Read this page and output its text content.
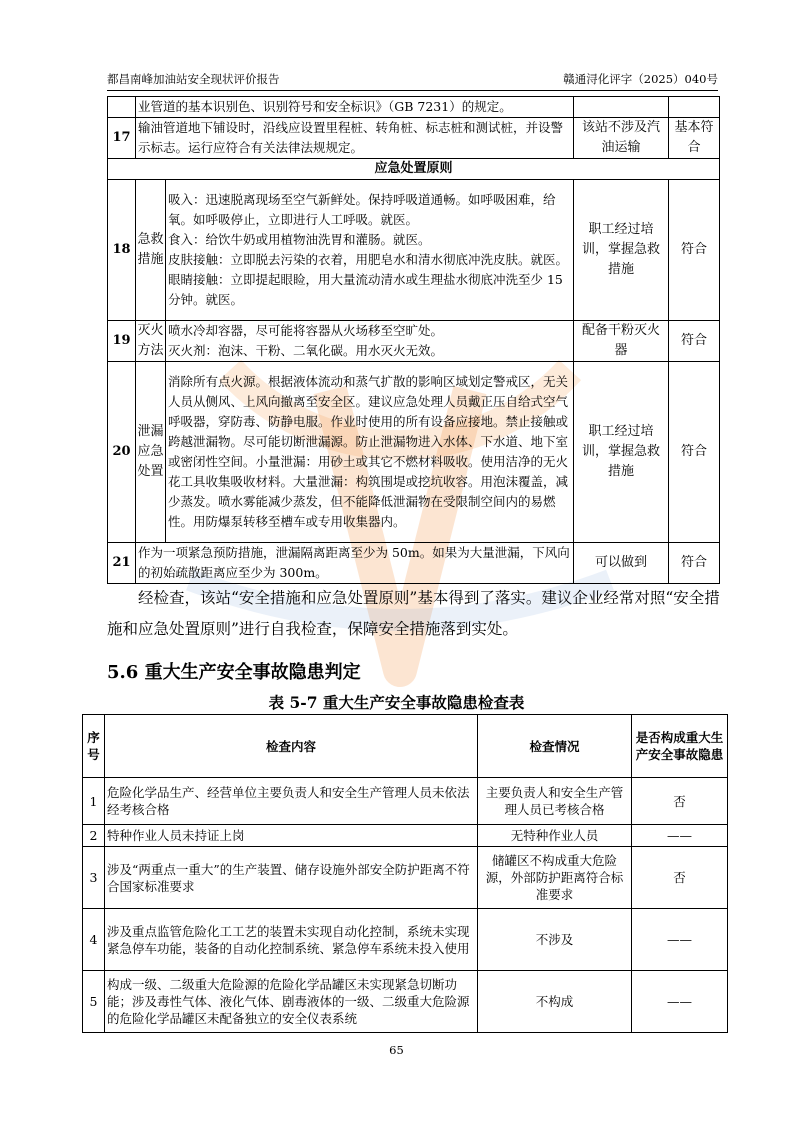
都昌南峰加油站安全现状评价报告	赣通浔化评字（2025）040号
	业管道的基本识别色、识别符号和安全标识》（GB 7231）的规定。			
17	输油管道地下铺设时，沿线应设置里程桩、转角桩、标志桩和测试桩，并设警示标志。运行应符合有关法律法规规定。		该站不涉及汽油运输	基本符合
应急处置原则				
18	急救措施	吸入：迅速脱离现场至空气新鲜处。保持呼吸道通畅。如呼吸困难，给氧。如呼吸停止，立即进行人工呼吸。就医。
食入：给饮牛奶或用植物油洗胃和灌肠。就医。
皮肤接触：立即脱去污染的衣着，用肥皂水和清水彻底冲洗皮肤。就医。
眼睛接触：立即提起眼睑，用大量流动清水或生理盐水彻底冲洗至少 15 分钟。就医。	职工经过培训，掌握急救措施	符合
19	灭火方法	喷水冷却容器，尽可能将容器从火场移至空旷处。
灭火剂：泡沫、干粉、二氧化碳。用水灭火无效。	配备干粉灭火器	符合
20	泄漏应急处置	消除所有点火源。根据液体流动和蒸气扩散的影响区域划定警戒区，无关人员从侧风、上风向撤离至安全区。建议应急处理人员戴正压自给式空气呼吸器，穿防毒、防静电服。作业时使用的所有设备应接地。禁止接触或跨越泄漏物。尽可能切断泄漏源。防止泄漏物进入水体、下水道、地下室或密闭性空间。小量泄漏：用砂土或其它不燃材料吸收。使用洁净的无火花工具收集吸收材料。大量泄漏：构筑围堤或挖坑收容。用泡沫覆盖，减少蒸发。喷水雾能减少蒸发，但不能降低泄漏物在受限制空间内的易燃性。用防爆泵转移至槽车或专用收集器内。	职工经过培训，掌握急救措施	符合
21	作为一项紧急预防措施，泄漏隔离距离至少为 50m。如果为大量泄漏，下风向的初始疏散距离应至少为 300m。		可以做到	符合

经检查，该站“安全措施和应急处置原则”基本得到了落实。建议企业经常对照“安全措施和应急处置原则”进行自我检查，保障安全措施落到实处。

5.6 重大生产安全事故隐患判定
表 5-7 重大生产安全事故隐患检查表
序号	检查内容	检查情况	是否构成重大生产安全事故隐患
1	危险化学品生产、经营单位主要负责人和安全生产管理人员未依法经考核合格	主要负责人和安全生产管理人员已考核合格	否
2	特种作业人员未持证上岗	无特种作业人员	——
3	涉及“两重点一重大”的生产装置、储存设施外部安全防护距离不符合国家标准要求	储罐区不构成重大危险源，外部防护距离符合标准要求	否
4	涉及重点监管危险化工工艺的装置未实现自动化控制，系统未实现紧急停车功能，装备的自动化控制系统、紧急停车系统未投入使用	不涉及	——
5	构成一级、二级重大危险源的危险化学品罐区未实现紧急切断功能；涉及毒性气体、液化气体、剧毒液体的一级、二级重大危险源的危险化学品罐区未配备独立的安全仪表系统	不构成	——
65
